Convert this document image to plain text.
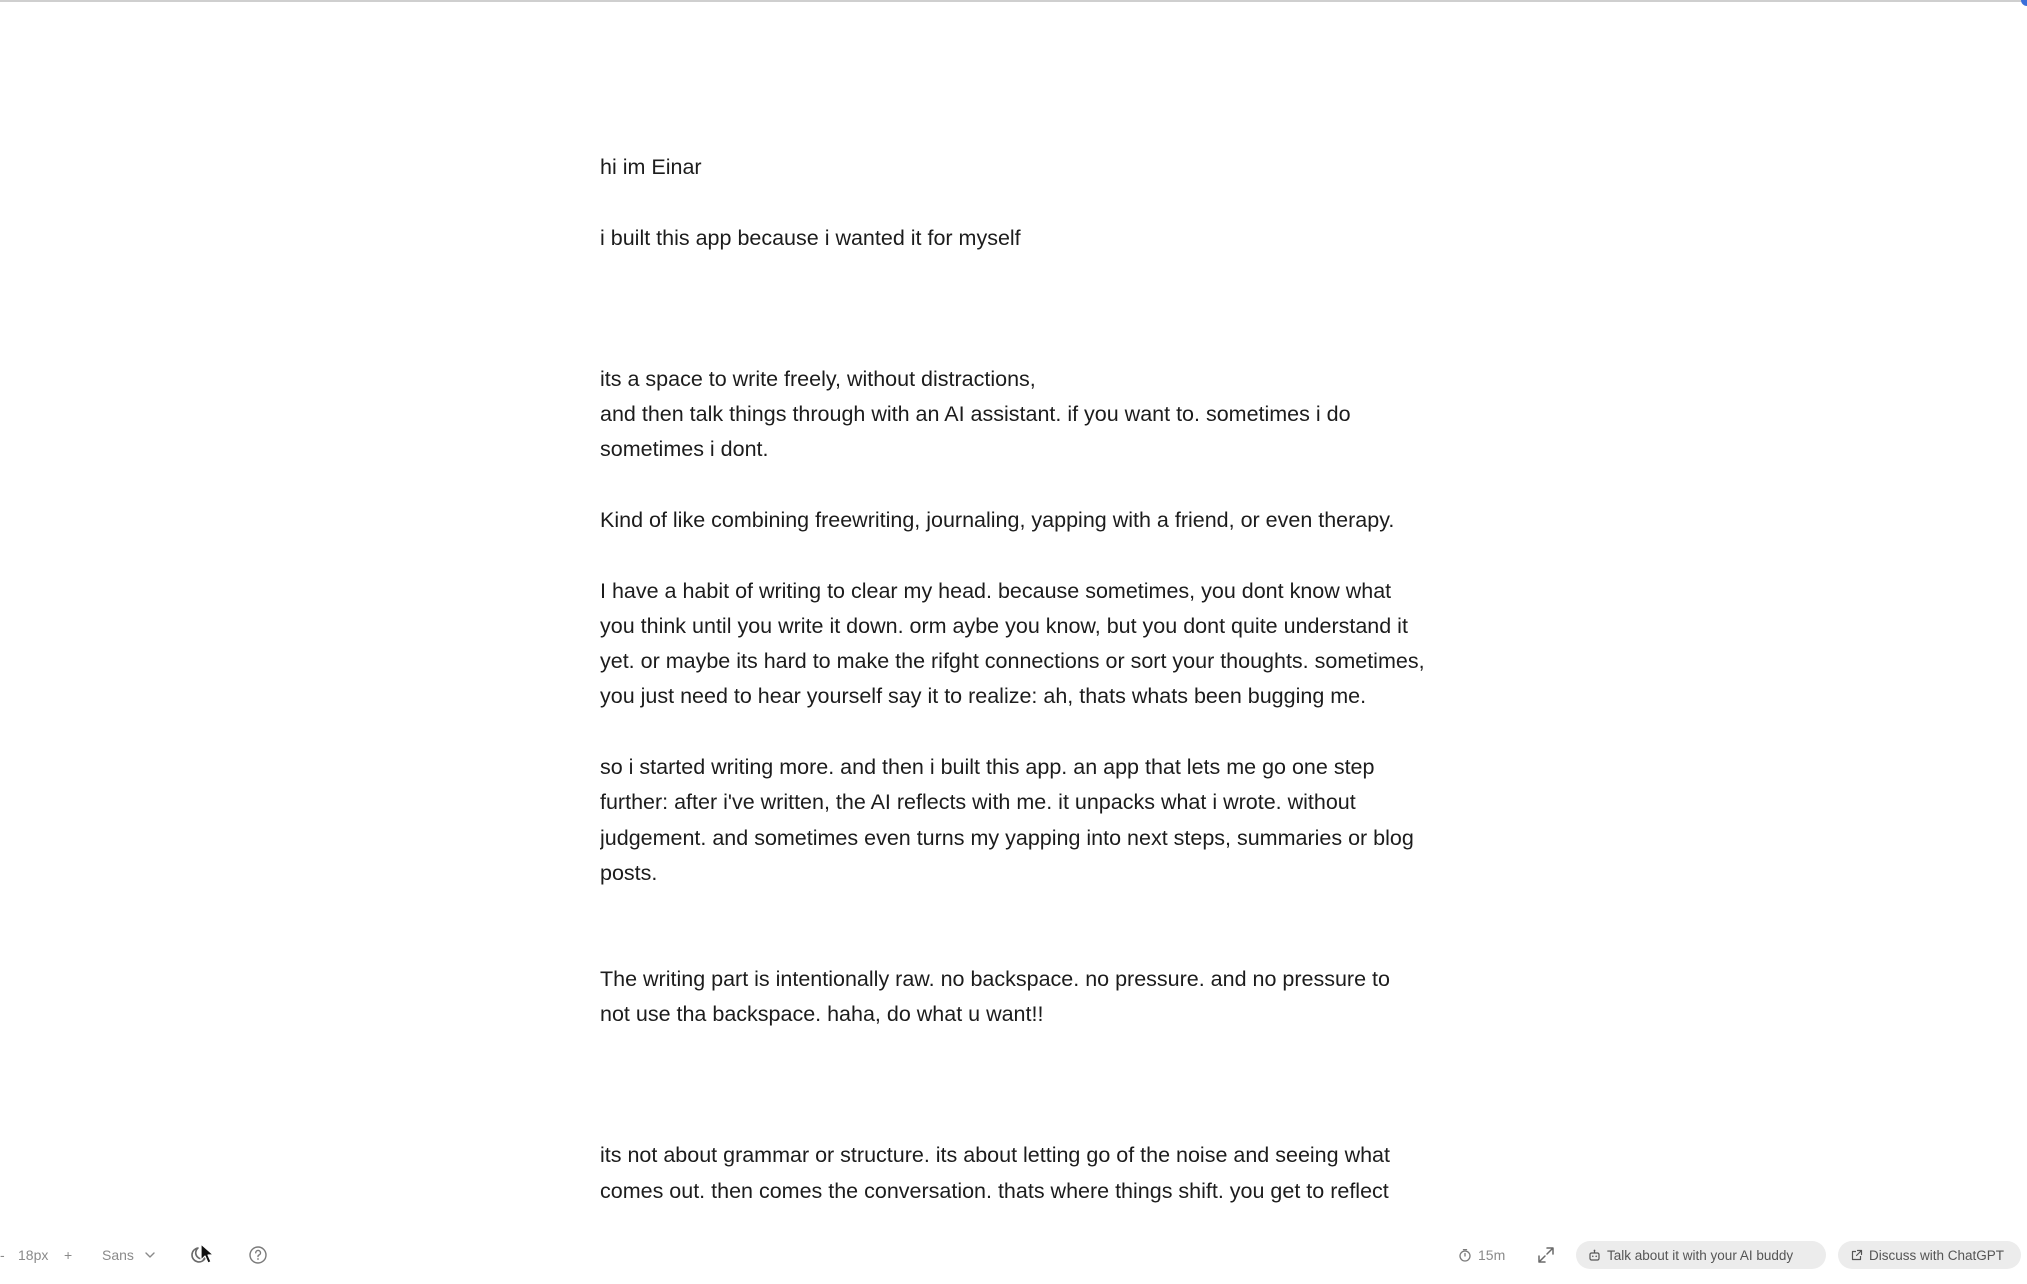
hi im Einar

i built this app because i wanted it for myself

its a space to write freely, without distractions,

and then talk things through with an AI assistant. if you want to. sometimes i do sometimes i dont.

Kind of like combining freewriting, journaling, yapping with a friend, or even therapy.

I have a habit of writing to clear my head. because sometimes, you dont know what you think until you write it down. orm aybe you know, but you dont quite understand it yet. or maybe its hard to make the rifght connections or sort your thoughts. sometimes, you just need to hear yourself say it to realize: ah, thats whats been bugging me.

so i started writing more. and then i built this app. an app that lets me go one step further: after i've written, the AI reflects with me. it unpacks what i wrote. without judgement. and sometimes even turns my yapping into next steps, summaries or blog posts.

The writing part is intentionally raw. no backspace. no pressure. and no pressure to not use tha backspace. haha, do what u want!!

its not about grammar or structure. its about letting go of the noise and seeing what comes out. then comes the conversation. thats where things shift. you get to reflect

- 18px + Sans	15m	Talk about it with your AI buddy	Discuss with ChatGPT
